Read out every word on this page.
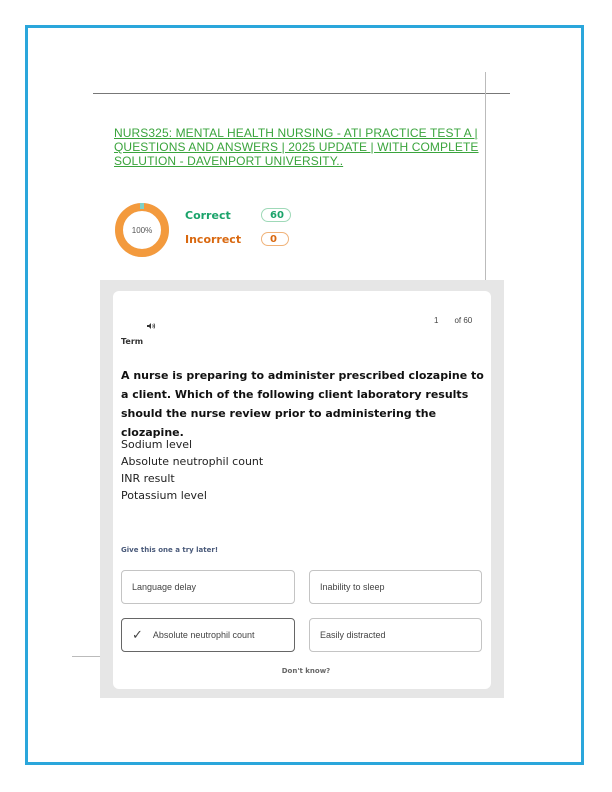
NURS325: MENTAL HEALTH NURSING - ATI PRACTICE TEST A | QUESTIONS AND ANSWERS | 2025 UPDATE | WITH COMPLETE SOLUTION - DAVENPORT UNIVERSITY..
100%
Correct	60
Incorrect	0
1 of 60
Term
A nurse is preparing to administer prescribed clozapine to a client. Which of the following client laboratory results should the nurse review prior to administering the clozapine.
Sodium level
Absolute neutrophil count
INR result
Potassium level
Give this one a try later!
Language delay	Inability to sleep
✓ Absolute neutrophil count	Easily distracted
Don't know?
